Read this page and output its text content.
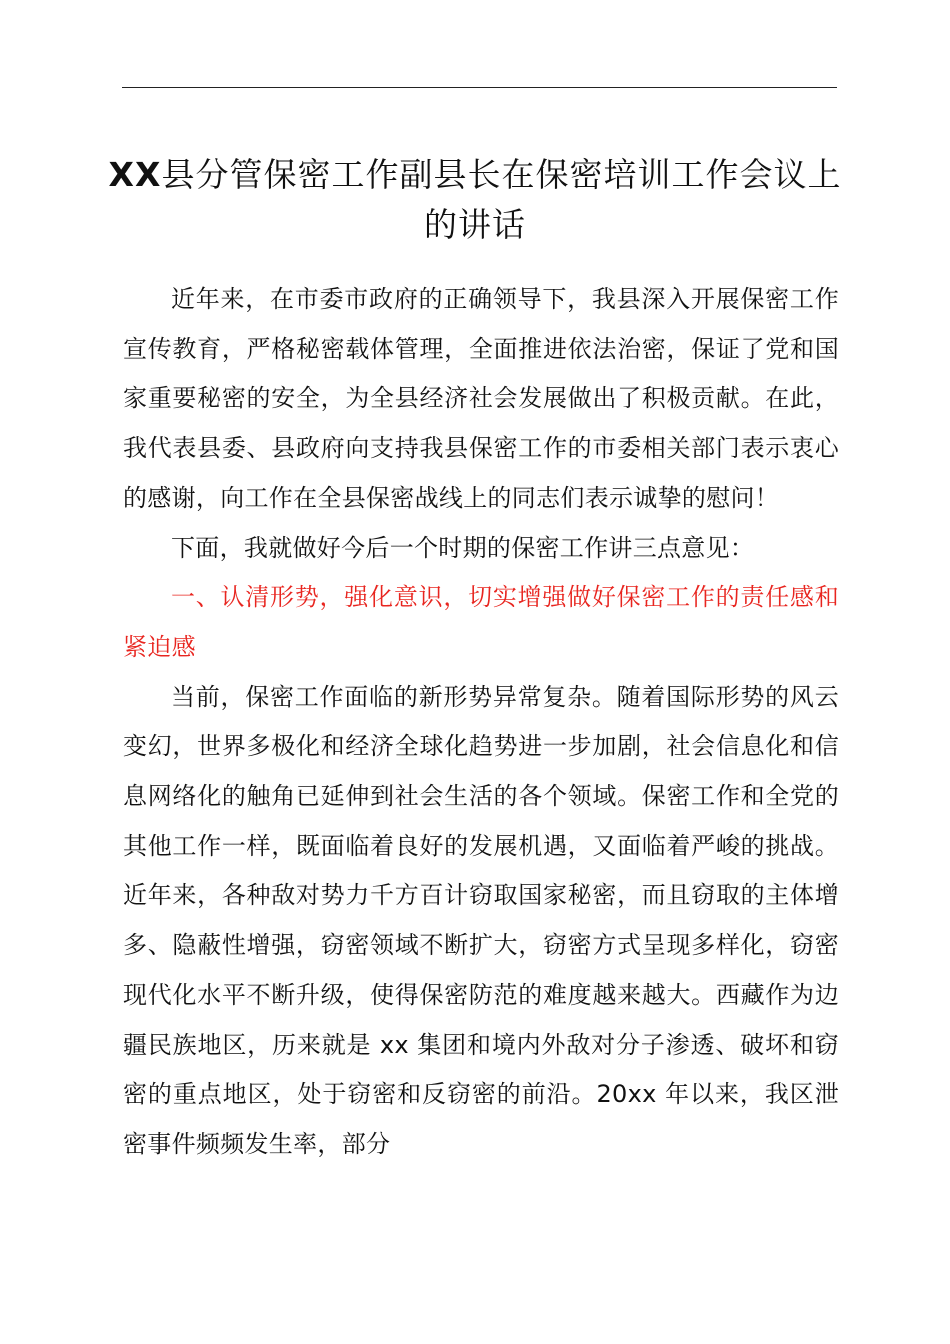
XX县分管保密工作副县长在保密培训工作会议上的讲话

近年来，在市委市政府的正确领导下，我县深入开展保密工作宣传教育，严格秘密载体管理，全面推进依法治密，保证了党和国家重要秘密的安全，为全县经济社会发展做出了积极贡献。在此，我代表县委、县政府向支持我县保密工作的市委相关部门表示衷心的感谢，向工作在全县保密战线上的同志们表示诚挚的慰问！

下面，我就做好今后一个时期的保密工作讲三点意见：

一、认清形势，强化意识，切实增强做好保密工作的责任感和紧迫感

当前，保密工作面临的新形势异常复杂。随着国际形势的风云变幻，世界多极化和经济全球化趋势进一步加剧，社会信息化和信息网络化的触角已延伸到社会生活的各个领域。保密工作和全党的其他工作一样，既面临着良好的发展机遇，又面临着严峻的挑战。近年来，各种敌对势力千方百计窃取国家秘密，而且窃取的主体增多、隐蔽性增强，窃密领域不断扩大，窃密方式呈现多样化，窃密现代化水平不断升级，使得保密防范的难度越来越大。西藏作为边疆民族地区，历来就是 xx 集团和境内外敌对分子渗透、破坏和窃密的重点地区，处于窃密和反窃密的前沿。20xx 年以来，我区泄密事件频频发生率，部分
